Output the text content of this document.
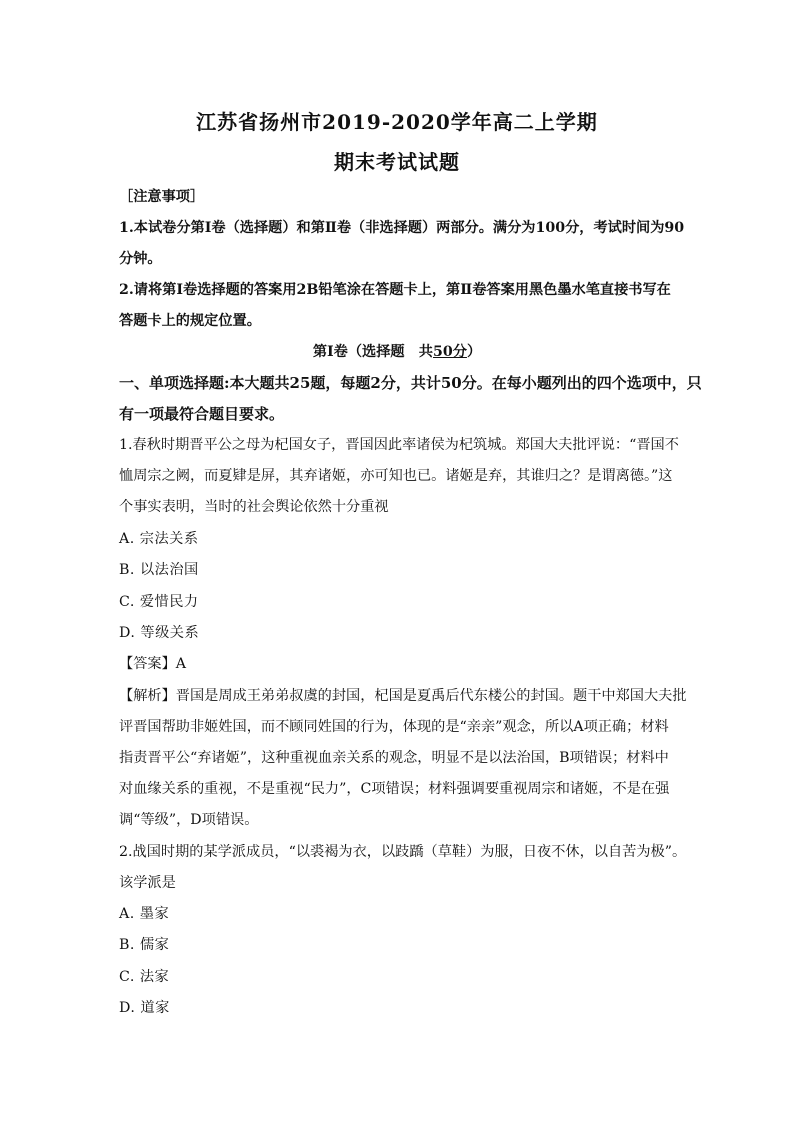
江苏省扬州市2019-2020学年高二上学期
期末考试试题
［注意事项］
1.本试卷分第Ⅰ卷（选择题）和第Ⅱ卷（非选择题）两部分。满分为100分，考试时间为90
分钟。
2.请将第Ⅰ卷选择题的答案用2B铅笔涂在答题卡上，第Ⅱ卷答案用黑色墨水笔直接书写在
答题卡上的规定位置。
第Ⅰ卷（选择题　共50分）
一、单项选择题:本大题共25题，每题2分，共计50分。在每小题列出的四个选项中，只
有一项最符合题目要求。
1.春秋时期晋平公之母为杞国女子，晋国因此率诸侯为杞筑城。郑国大夫批评说：“晋国不
恤周宗之阙，而夏肄是屏，其弃诸姬，亦可知也已。诸姬是弃，其谁归之？是谓离德。”这
个事实表明，当时的社会舆论依然十分重视
A. 宗法关系
B. 以法治国
C. 爱惜民力
D. 等级关系
【答案】A
【解析】晋国是周成王弟弟叔虞的封国，杞国是夏禹后代东楼公的封国。题干中郑国大夫批
评晋国帮助非姬姓国，而不顾同姓国的行为，体现的是“亲亲”观念，所以A项正确；材料
指责晋平公“弃诸姬”，这种重视血亲关系的观念，明显不是以法治国，B项错误；材料中
对血缘关系的重视，不是重视“民力”，C项错误；材料强调要重视周宗和诸姬，不是在强
调“等级”，D项错误。
2.战国时期的某学派成员，“以裘褐为衣，以跂蹻（草鞋）为服，日夜不休，以自苦为极”。
该学派是
A. 墨家
B. 儒家
C. 法家
D. 道家
